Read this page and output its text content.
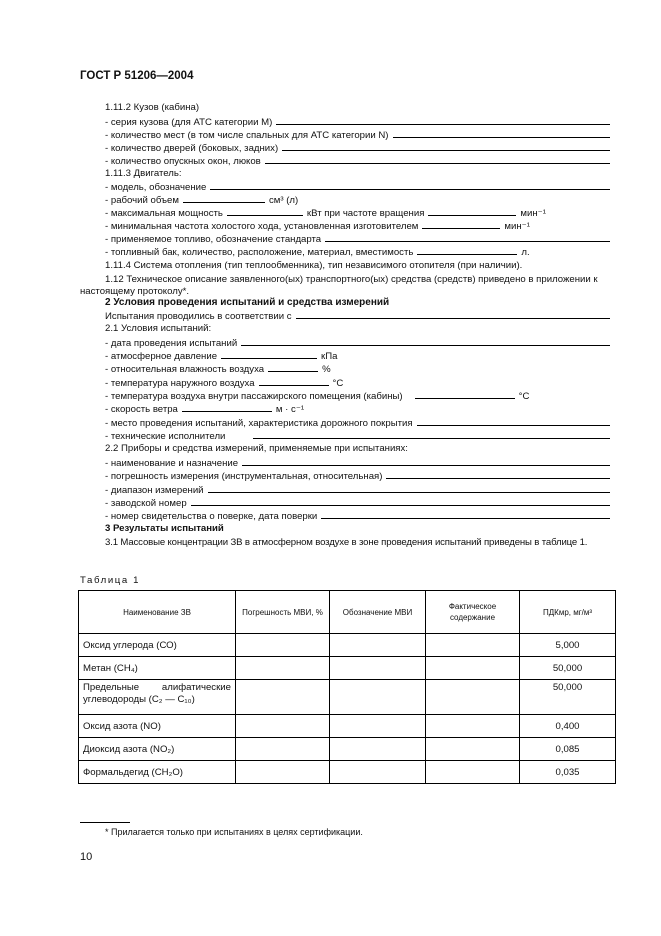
ГОСТ Р 51206—2004
1.11.2 Кузов (кабина)
- серия кузова (для АТС категории М)
- количество мест (в том числе спальных для АТС категории N)
- количество дверей (боковых, задних)
- количество опускных окон, люков
1.11.3 Двигатель:
- модель, обозначение
- рабочий объем	см³ (л)
- максимальная мощность	кВт при частоте вращения	мин⁻¹
- минимальная частота холостого хода, установленная изготовителем	мин⁻¹
- применяемое топливо, обозначение стандарта
- топливный бак, количество, расположение, материал, вместимость	л.
1.11.4 Система отопления (тип теплообменника), тип независимого отопителя (при наличии).
1.12 Техническое описание заявленного(ых) транспортного(ых) средства (средств) приведено в приложении к настоящему протоколу*.
2 Условия проведения испытаний и средства измерений
Испытания проводились в соответствии с
2.1 Условия испытаний:
- дата проведения испытаний
- атмосферное давление	кПа
- относительная влажность воздуха	%
- температура наружного воздуха	°С
- температура воздуха внутри пассажирского помещения (кабины)	°С
- скорость ветра	м · с⁻¹
- место проведения испытаний, характеристика дорожного покрытия
- технические исполнители
2.2 Приборы и средства измерений, применяемые при испытаниях:
- наименование и назначение
- погрешность измерения (инструментальная, относительная)
- диапазон измерений
- заводской номер
- номер свидетельства о поверке, дата поверки
3 Результаты испытаний
3.1 Массовые концентрации ЗВ в атмосферном воздухе в зоне проведения испытаний приведены в таблице 1.
Таблица 1
Наименование ЗВ	Погрешность МВИ, %	Обозначение МВИ	Фактическое содержание	ПДКмр, мг/м³
Оксид углерода (СО)				5,000
Метан (СН₄)				50,000
Предельные алифатические углеводороды (С₂ — С₁₀)				50,000
Оксид азота (NO)				0,400
Диоксид азота (NO₂)				0,085
Формальдегид (СН₂О)				0,035
* Прилагается только при испытаниях в целях сертификации.
10
